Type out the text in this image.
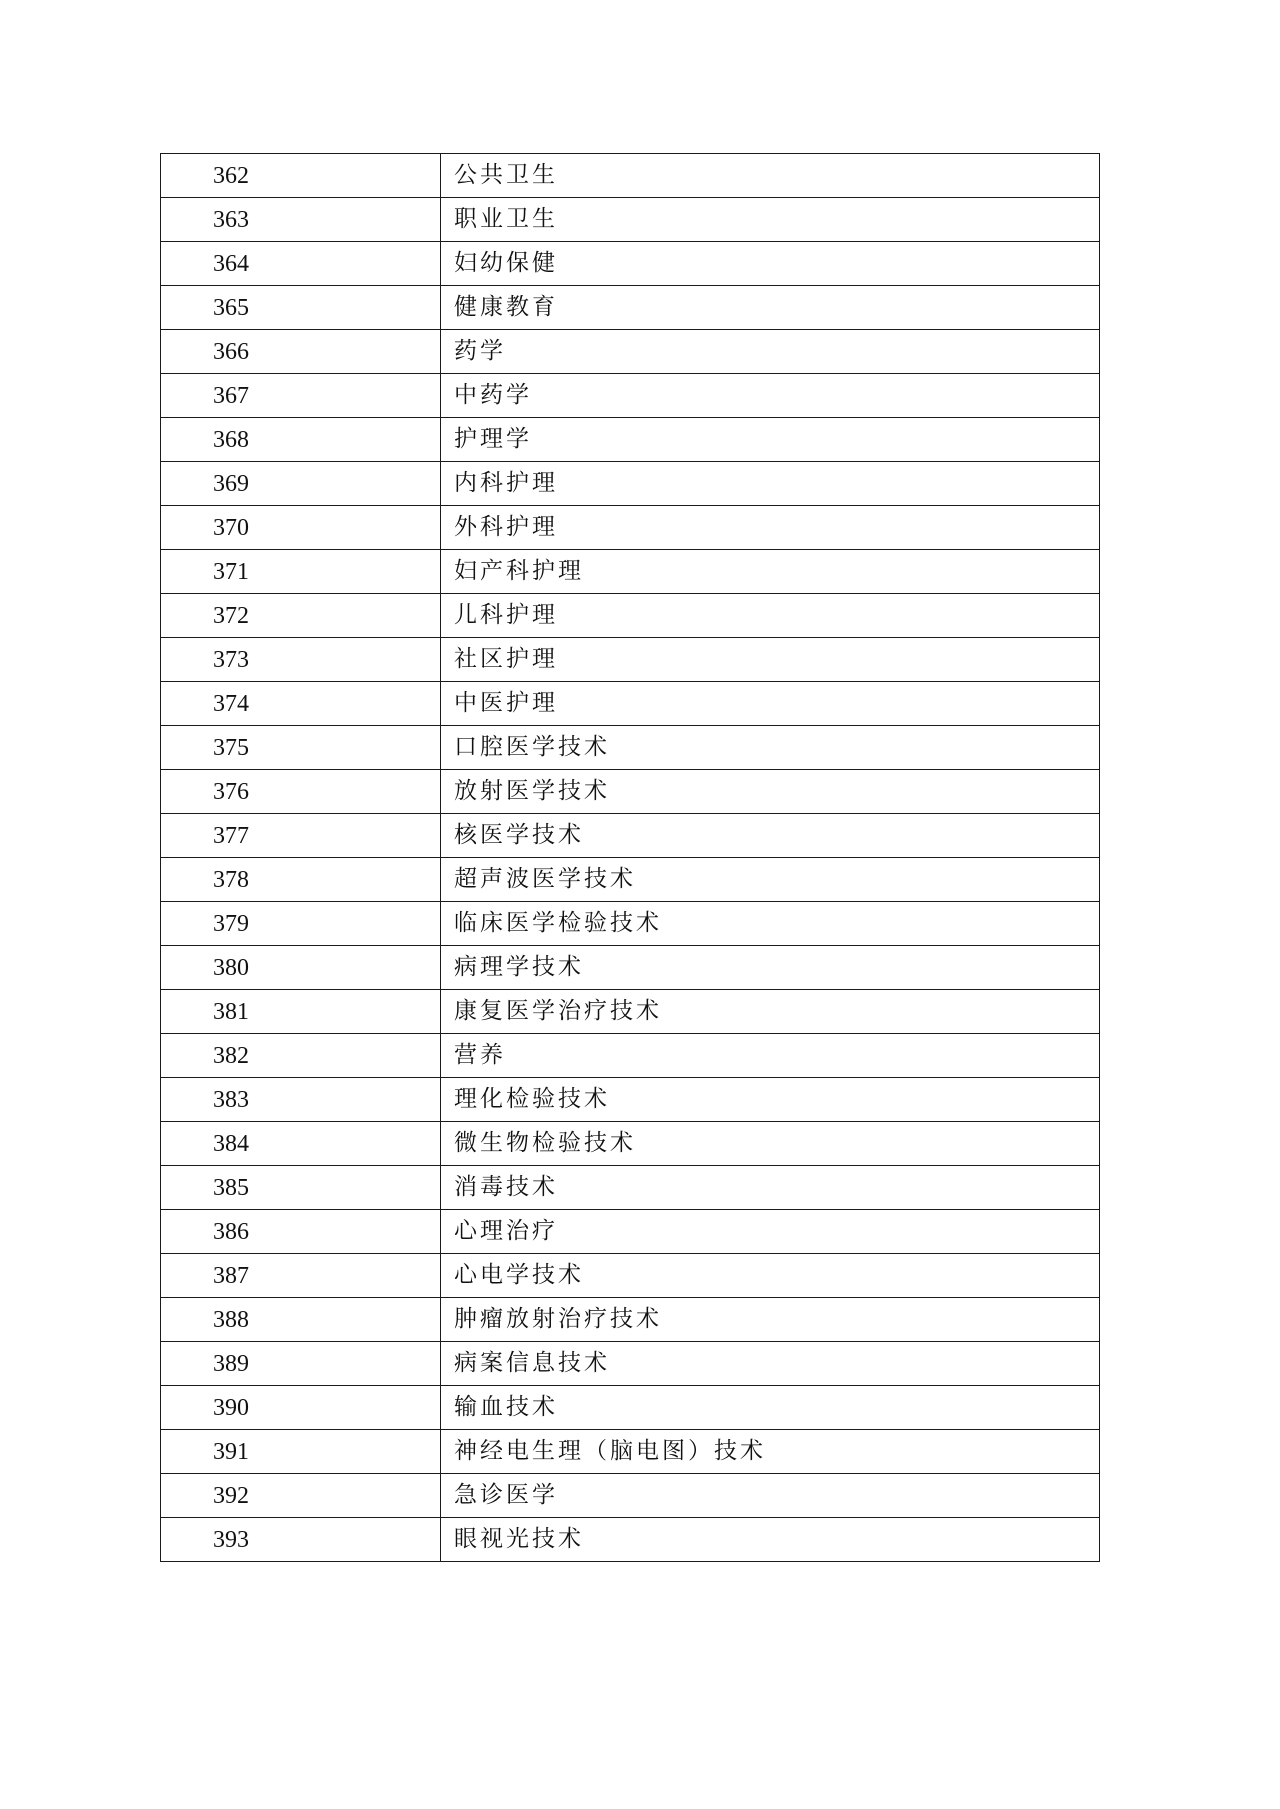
362	公共卫生
363	职业卫生
364	妇幼保健
365	健康教育
366	药学
367	中药学
368	护理学
369	内科护理
370	外科护理
371	妇产科护理
372	儿科护理
373	社区护理
374	中医护理
375	口腔医学技术
376	放射医学技术
377	核医学技术
378	超声波医学技术
379	临床医学检验技术
380	病理学技术
381	康复医学治疗技术
382	营养
383	理化检验技术
384	微生物检验技术
385	消毒技术
386	心理治疗
387	心电学技术
388	肿瘤放射治疗技术
389	病案信息技术
390	输血技术
391	神经电生理（脑电图）技术
392	急诊医学
393	眼视光技术
